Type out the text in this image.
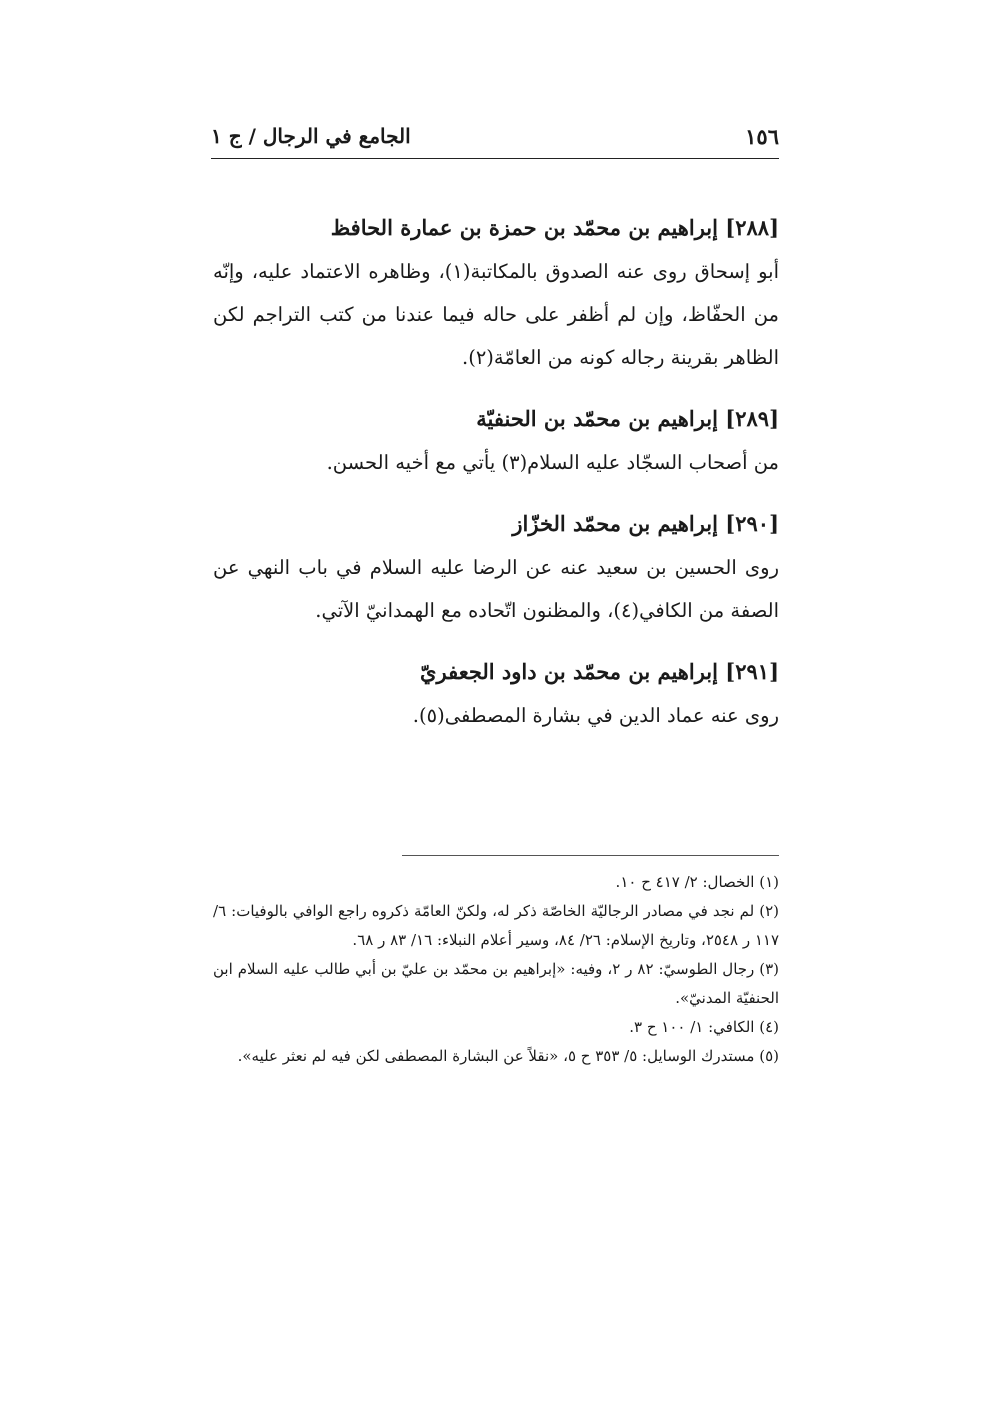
١٥٦
الجامع في الرجال / ج ١
[٢٨٨] إبراهيم بن محمّد بن حمزة بن عمارة الحافظ
أبو إسحاق روى عنه الصدوق بالمكاتبة(١)، وظاهره الاعتماد عليه، وإنّه من الحفّاظ، وإن لم أظفر على حاله فيما عندنا من كتب التراجم لكن الظاهر بقرينة رجاله كونه من العامّة(٢).
[٢٨٩] إبراهيم بن محمّد بن الحنفيّة
من أصحاب السجّاد عليه السلام(٣) يأتي مع أخيه الحسن.
[٢٩٠] إبراهيم بن محمّد الخزّاز
روى الحسين بن سعيد عنه عن الرضا عليه السلام في باب النهي عن الصفة من الكافي(٤)، والمظنون اتّحاده مع الهمدانيّ الآتي.
[٢٩١] إبراهيم بن محمّد بن داود الجعفريّ
روى عنه عماد الدين في بشارة المصطفى(٥).
(١) الخصال: ٢/ ٤١٧ ح ١٠.
(٢) لم نجد في مصادر الرجاليّة الخاصّة ذكر له، ولكنّ العامّة ذكروه راجع الوافي بالوفيات: ٦/ ١١٧ ر ٢٥٤٨، وتاريخ الإسلام: ٢٦/ ٨٤، وسير أعلام النبلاء: ١٦/ ٨٣ ر ٦٨.
(٣) رجال الطوسيّ: ٨٢ ر ٢، وفيه: «إبراهيم بن محمّد بن عليّ بن أبي طالب عليه السلام ابن الحنفيّة المدنيّ».
(٤) الكافي: ١/ ١٠٠ ح ٣.
(٥) مستدرك الوسايل: ٥/ ٣٥٣ ح ٥، «نقلاً عن البشارة المصطفى لكن فيه لم نعثر عليه».
